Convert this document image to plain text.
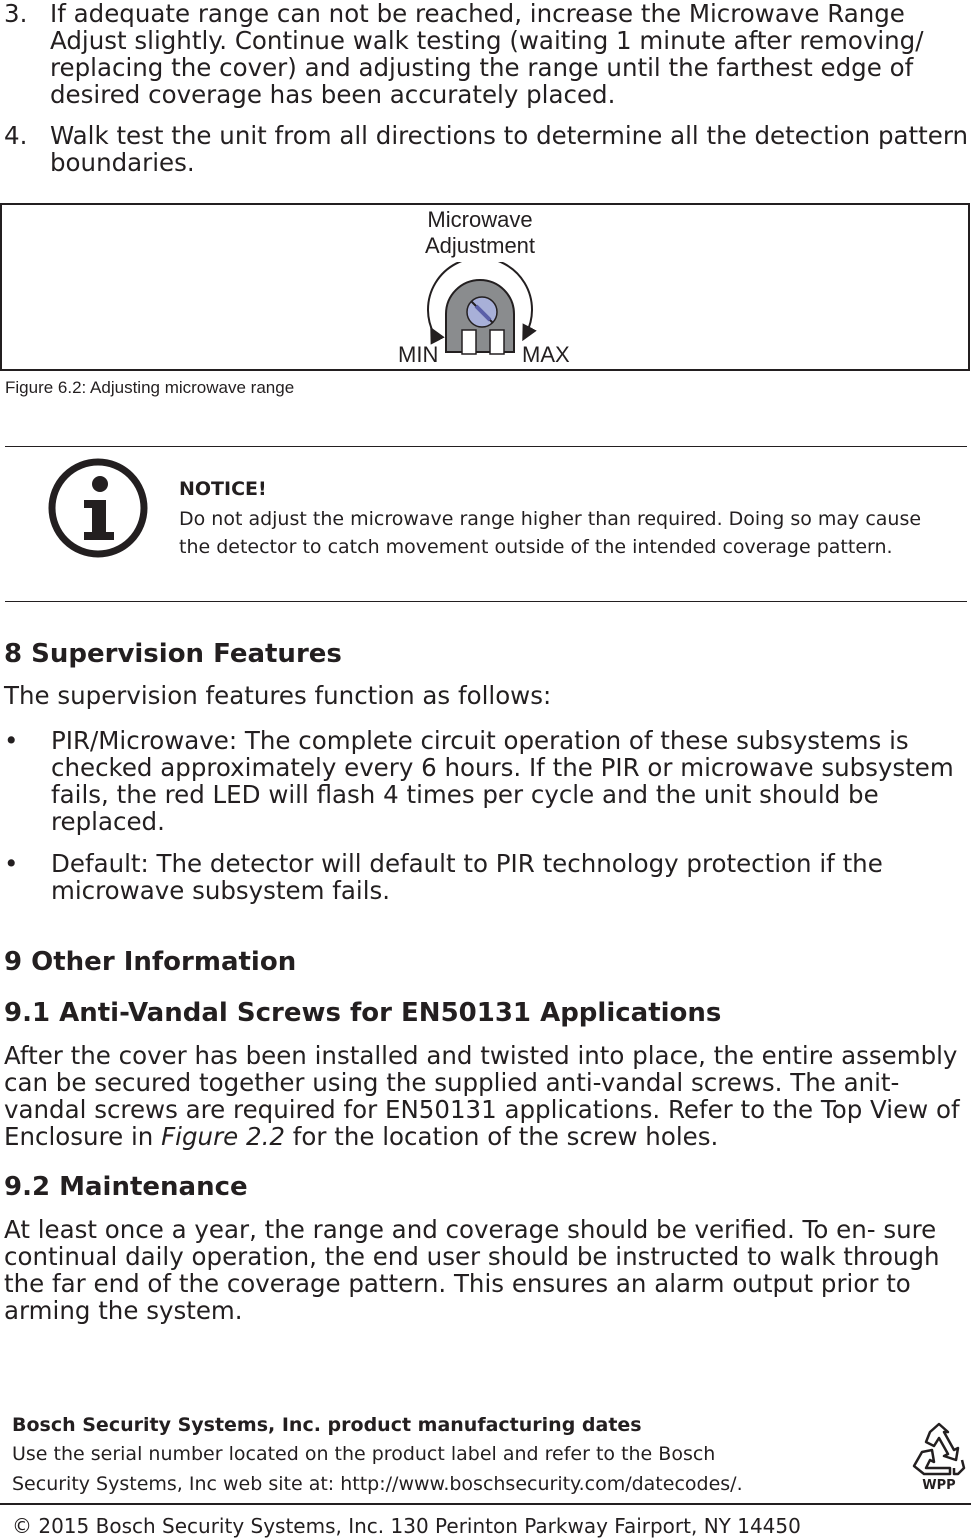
3. If adequate range can not be reached, increase the Microwave Range Adjust slightly. Continue walk testing (waiting 1 minute after removing/ replacing the cover) and adjusting the range until the farthest edge of desired coverage has been accurately placed.
4. Walk test the unit from all directions to determine all the detection pattern boundaries.
Microwave
Adjustment
MIN	MAX
Figure 6.2: Adjusting microwave range
NOTICE!
Do not adjust the microwave range higher than required. Doing so may cause the detector to catch movement outside of the intended coverage pattern.
8 Supervision Features
The supervision features function as follows:
• PIR/Microwave: The complete circuit operation of these subsystems is checked approximately every 6 hours. If the PIR or microwave subsystem fails, the red LED will flash 4 times per cycle and the unit should be replaced.
• Default: The detector will default to PIR technology protection if the microwave subsystem fails.
9 Other Information
9.1 Anti-Vandal Screws for EN50131 Applications
After the cover has been installed and twisted into place, the entire assembly can be secured together using the supplied anti-vandal screws. The anit-vandal screws are required for EN50131 applications. Refer to the Top View of Enclosure in Figure 2.2 for the location of the screw holes.
9.2 Maintenance
At least once a year, the range and coverage should be verified. To en- sure continual daily operation, the end user should be instructed to walk through the far end of the coverage pattern. This ensures an alarm output prior to arming the system.
Bosch Security Systems, Inc. product manufacturing dates
Use the serial number located on the product label and refer to the Bosch
Security Systems, Inc web site at: http://www.boschsecurity.com/datecodes/.	WPP
© 2015 Bosch Security Systems, Inc. 130 Perinton Parkway Fairport, NY 14450
